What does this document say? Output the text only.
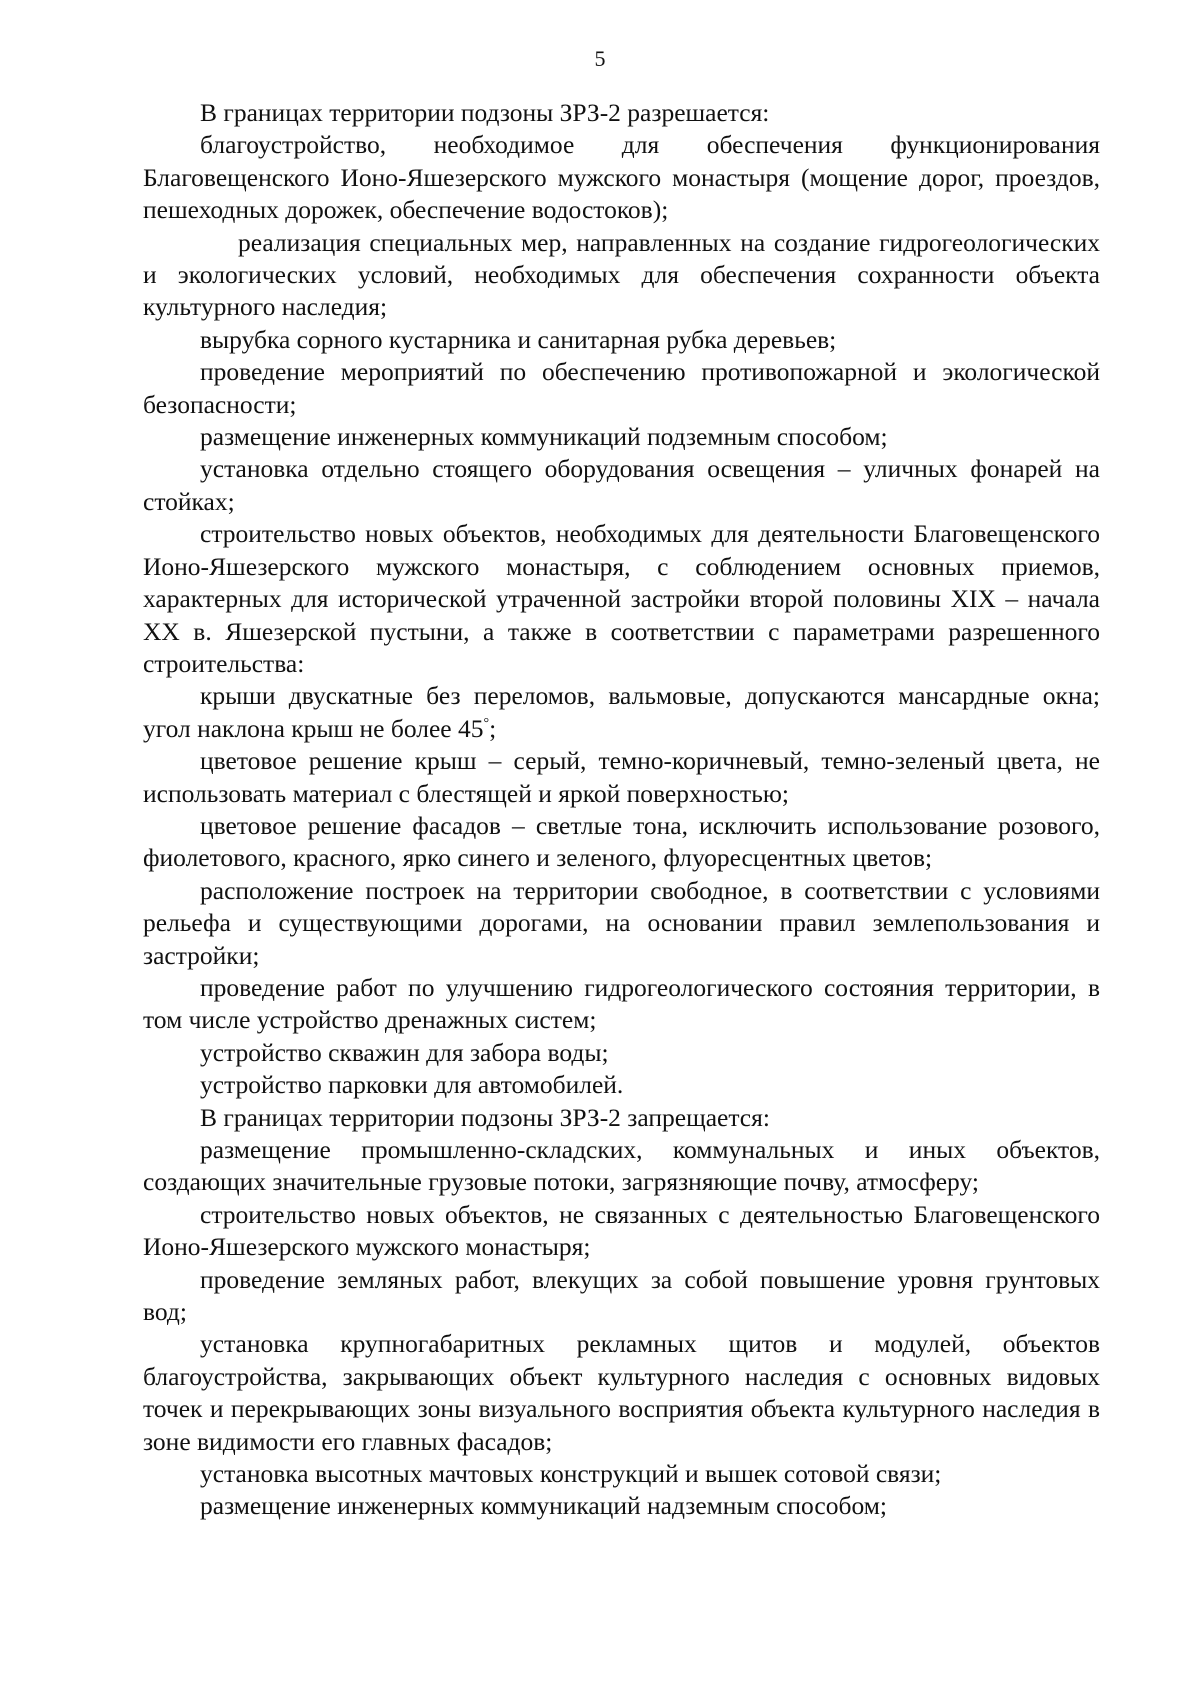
5

В границах территории подзоны ЗРЗ-2 разрешается:

благоустройство, необходимое для обеспечения функционирования Благовещенского Ионо-Яшезерского мужского монастыря (мощение дорог, проездов, пешеходных дорожек, обеспечение водостоков);

реализация специальных мер, направленных на создание гидрогеологических и экологических условий, необходимых для обеспечения сохранности объекта культурного наследия;

вырубка сорного кустарника и санитарная рубка деревьев;

проведение мероприятий по обеспечению противопожарной и экологической безопасности;

размещение инженерных коммуникаций подземным способом;

установка отдельно стоящего оборудования освещения – уличных фонарей на стойках;

строительство новых объектов, необходимых для деятельности Благовещенского Ионо-Яшезерского мужского монастыря, с соблюдением основных приемов, характерных для исторической утраченной застройки второй половины XIX – начала XX в. Яшезерской пустыни, а также в соответствии с параметрами разрешенного строительства:

крыши двускатные без переломов, вальмовые, допускаются мансардные окна; угол наклона крыш не более 45°;

цветовое решение крыш – серый, темно-коричневый, темно-зеленый цвета, не использовать материал с блестящей и яркой поверхностью;

цветовое решение фасадов – светлые тона, исключить использование розового, фиолетового, красного, ярко синего и зеленого, флуоресцентных цветов;

расположение построек на территории свободное, в соответствии с условиями рельефа и существующими дорогами, на основании правил землепользования и застройки;

проведение работ по улучшению гидрогеологического состояния территории, в том числе устройство дренажных систем;

устройство скважин для забора воды;

устройство парковки для автомобилей.

В границах территории подзоны ЗРЗ-2 запрещается:

размещение промышленно-складских, коммунальных и иных объектов, создающих значительные грузовые потоки, загрязняющие почву, атмосферу;

строительство новых объектов, не связанных с деятельностью Благовещенского Ионо-Яшезерского мужского монастыря;

проведение земляных работ, влекущих за собой повышение уровня грунтовых вод;

установка крупногабаритных рекламных щитов и модулей, объектов благоустройства, закрывающих объект культурного наследия с основных видовых точек и перекрывающих зоны визуального восприятия объекта культурного наследия в зоне видимости его главных фасадов;

установка высотных мачтовых конструкций и вышек сотовой связи;

размещение инженерных коммуникаций надземным способом;
